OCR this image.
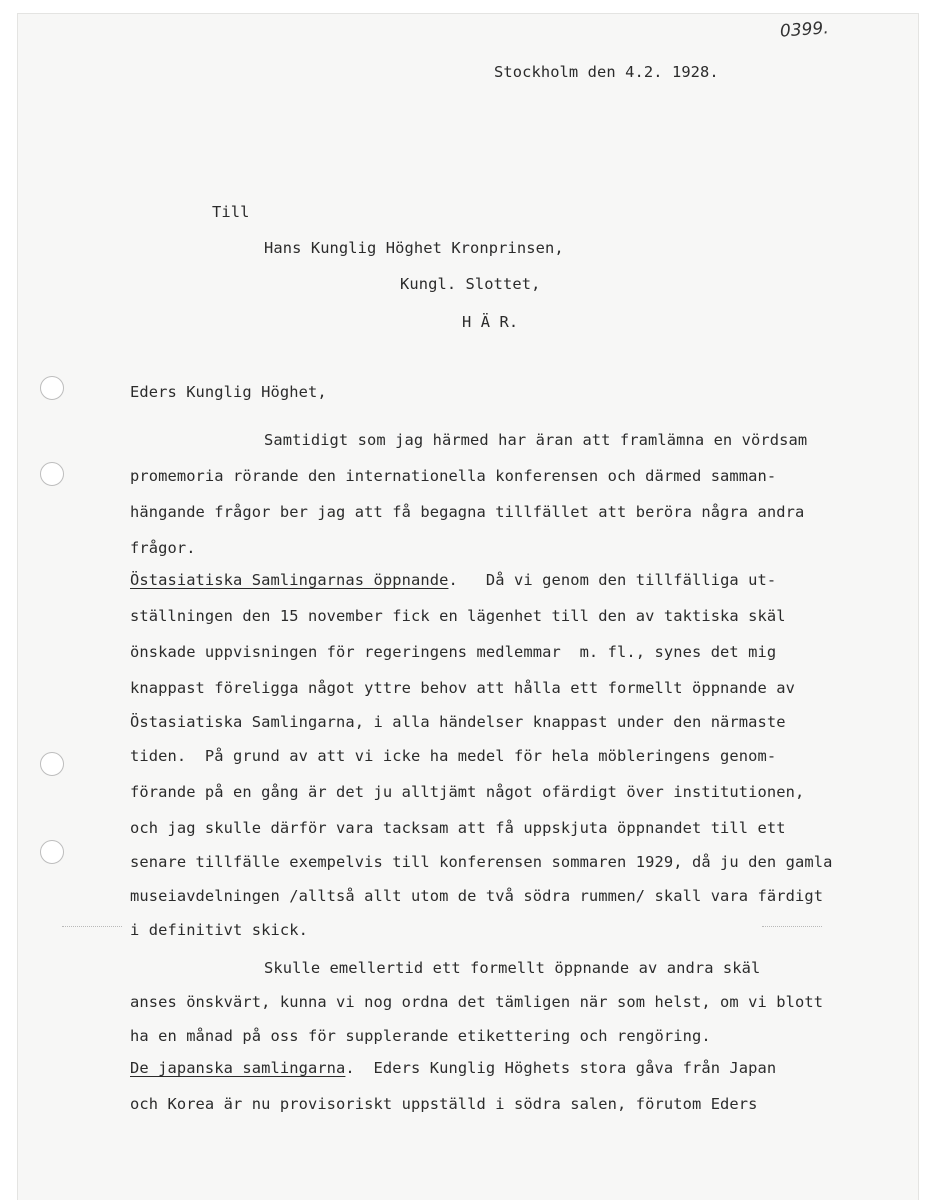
0399.
Stockholm den 4.2. 1928.
Till
Hans Kunglig Höghet Kronprinsen,
Kungl. Slottet,
H Ä R.
Eders Kunglig Höghet,
Samtidigt som jag härmed har äran att framlämna en vördsam
promemoria rörande den internationella konferensen och därmed samman-
hängande frågor ber jag att få begagna tillfället att beröra några andra
frågor.
Östasiatiska Samlingarnas öppnande.   Då vi genom den tillfälliga ut-
ställningen den 15 november fick en lägenhet till den av taktiska skäl
önskade uppvisningen för regeringens medlemmar  m. fl., synes det mig
knappast föreligga något yttre behov att hålla ett formellt öppnande av
Östasiatiska Samlingarna, i alla händelser knappast under den närmaste
tiden.  På grund av att vi icke ha medel för hela möbleringens genom-
förande på en gång är det ju alltjämt något ofärdigt över institutionen,
och jag skulle därför vara tacksam att få uppskjuta öppnandet till ett
senare tillfälle exempelvis till konferensen sommaren 1929, då ju den gamla
museiavdelningen /alltså allt utom de två södra rummen/ skall vara färdigt
i definitivt skick.
Skulle emellertid ett formellt öppnande av andra skäl
anses önskvärt, kunna vi nog ordna det tämligen när som helst, om vi blott
ha en månad på oss för supplerande etikettering och rengöring.
De japanska samlingarna.  Eders Kunglig Höghets stora gåva från Japan
och Korea är nu provisoriskt uppställd i södra salen, förutom Eders
